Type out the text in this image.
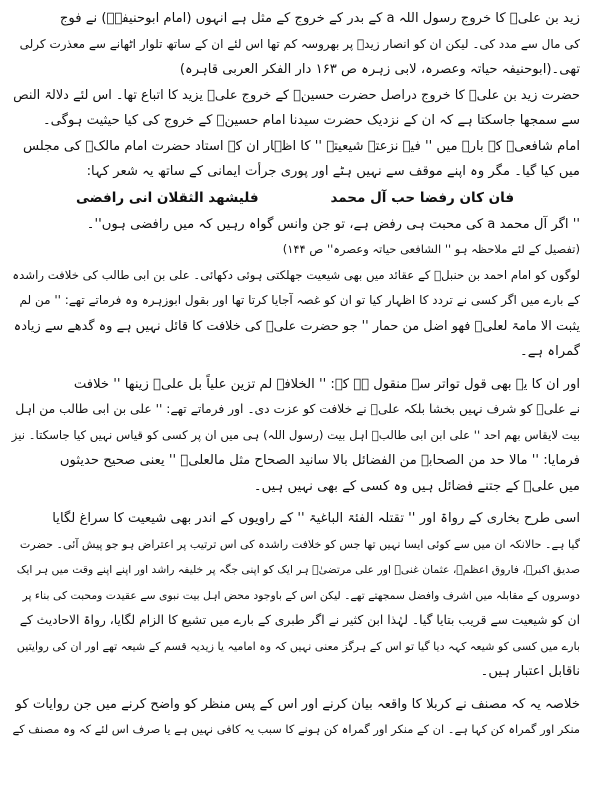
زید بن علیؓ کا خروج رسول اللہ a کے بدر کے خروج کے مثل ہے انہوں (امام ابوحنیفہؒ) نے فوج
کی مال سے مدد کی۔ لیکن ان کو انصار زیدؒ پر بھروسہ کم تھا اس لئے ان کے ساتھ تلوار اٹھانے سے معذرت کرلی
تھی۔(ابوحنیفہ حیاتہ وعصرہ، لابی زہرہ ص ۱۶۳ دار الفکر العربی قاہرہ)
حضرت زید بن علیؓ کا خروج دراصل حضرت حسینؓ کے خروج علیؓ یزید کا اتباع تھا۔ اس لئے دلالۃ النص
سے سمجھا جاسکتا ہے کہ ان کے نزدیک حضرت سیدنا امام حسینؓ کے خروج کی کیا حیثیت ہوگی۔
امام شافعیؒ کے بارے میں '' فیہ نزعتہ شیعیتہ '' کا اظہار ان کے استاد حضرت امام مالکؒ کی مجلس
میں کیا گیا۔ مگر وہ اپنے موقف سے نہیں ہٹے اور پوری جرأت ایمانی کے ساتھ یہ شعر کہا:
فان کان رفضا حب آل محمد
فلیشھد الثقلان انی رافضی
'' اگر آل محمد a کی محبت ہی رفض ہے، تو جن وانس گواہ رہیں کہ میں رافضی ہوں''۔
(تفصیل کے لئے ملاحظہ ہو '' الشافعی حیاتہ وعصرہ'' ص ۱۴۴)
لوگوں کو امام احمد بن حنبلؒ کے عقائد میں بھی شیعیت جھلکتی ہوئی دکھائی۔ علی بن ابی طالب کی خلافت راشدہ
کے بارے میں اگر کسی نے تردد کا اظہار کیا تو ان کو غصہ آجایا کرتا تھا اور بقول ابوزہرہ وہ فرماتے تھے: '' من لم
یثبت الا مامۃ لعلیؓ فھو اضل من حمار '' جو حضرت علیؓ کی خلافت کا قائل نہیں ہے وہ گدھے سے زیادہ
گمراہ ہے۔
اور ان کا یہ بھی قول تواتر سے منقول ہے کہ: '' الخلافۃ لم تزین علیاً بل علیؓ زینھا '' خلافت
نے علیؓ کو شرف نہیں بخشا بلکہ علیؓ نے خلافت کو عزت دی۔ اور فرماتے تھے: '' علی بن ابی طالب من اہل
بیت لایقاس بھم احد '' علی ابن ابی طالبؓ اہل بیت (رسول اللہ) ہی میں ان پر کسی کو قیاس نہیں کیا جاسکتا۔ نیز
فرمایا: '' مالا حد من الصحابۃ من الفضائل بالا سانید الصحاح مثل مالعلیؓ '' یعنی صحیح حدیثوں
میں علیؓ کے جتنے فضائل ہیں وہ کسی کے بھی نہیں ہیں۔
اسی طرح بخاری کے رواۃ اور '' تقتلہ الفئۃ الباغیۃ '' کے راویوں کے اندر بھی شیعیت کا سراغ لگایا
گیا ہے۔ حالانکہ ان میں سے کوئی ایسا نہیں تھا جس کو خلافت راشدہ کی اس ترتیب پر اعتراض ہو جو پیش آئی۔ حضرت
صدیق اکبرؓ، فاروق اعظمؓ، عثمان غنیؓ اور علی مرتضیٰؓ ہر ایک کو اپنی جگہ پر خلیفہ راشد اور اپنے اپنے وقت میں ہر ایک
دوسروں کے مقابلہ میں اشرف وافضل سمجھتے تھے۔ لیکن اس کے باوجود محض اہل بیت نبوی سے عقیدت ومحبت کی بناء پر
ان کو شیعیت سے قریب بتایا گیا۔ لہٰذا ابن کثیر نے اگر طبری کے بارے میں تشیع کا الزام لگایا، رواۃ الاحادیث کے
بارے میں کسی کو شیعہ کہہ دیا گیا تو اس کے ہرگز معنی نہیں کہ وہ امامیہ یا زیدیہ قسم کے شیعہ تھے اور ان کی روایتیں
ناقابل اعتبار ہیں۔
خلاصہ یہ کہ مصنف نے کربلا کا واقعہ بیان کرنے اور اس کے پس منظر کو واضح کرنے میں جن روایات کو
منکر اور گمراہ کن کہا ہے۔ ان کے منکر اور گمراہ کن ہونے کا سبب یہ کافی نہیں ہے یا صرف اس لئے کہ وہ مصنف کے
